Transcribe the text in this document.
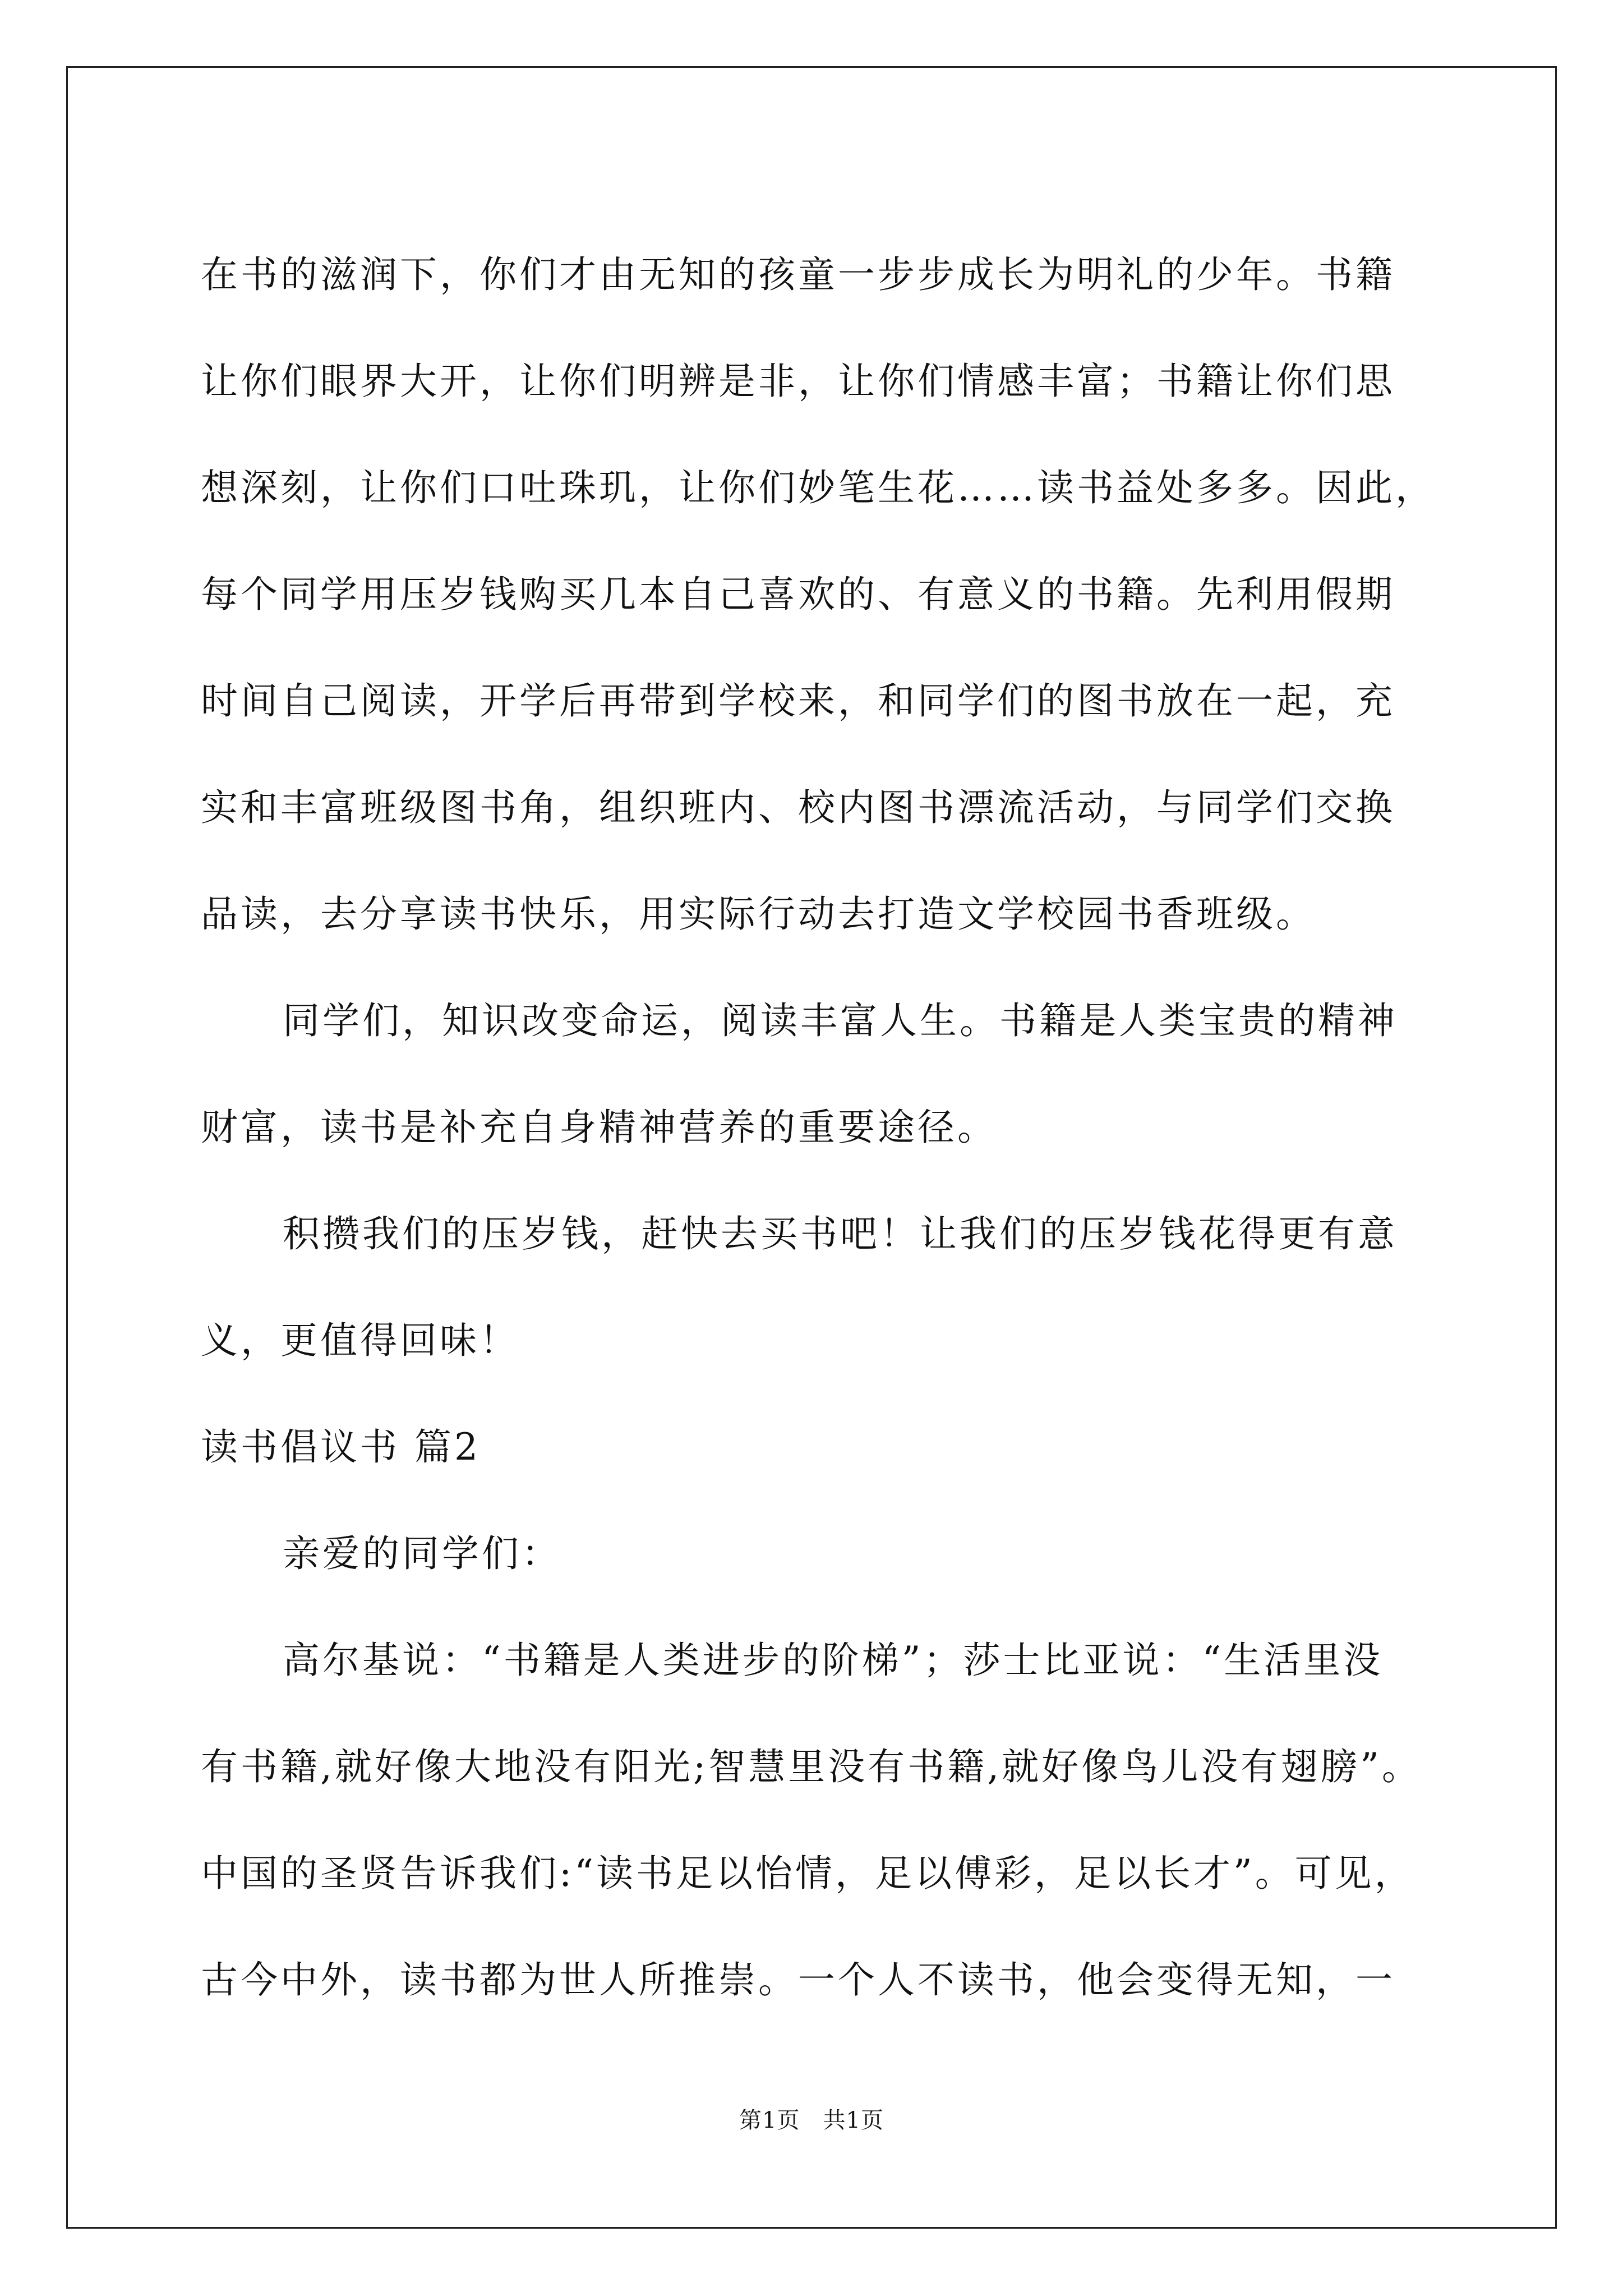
在书的滋润下，你们才由无知的孩童一步步成长为明礼的少年。书籍
让你们眼界大开，让你们明辨是非，让你们情感丰富；书籍让你们思
想深刻，让你们口吐珠玑，让你们妙笔生花……读书益处多多。因此，
每个同学用压岁钱购买几本自己喜欢的、有意义的书籍。先利用假期
时间自己阅读，开学后再带到学校来，和同学们的图书放在一起，充
实和丰富班级图书角，组织班内、校内图书漂流活动，与同学们交换
品读，去分享读书快乐，用实际行动去打造文学校园书香班级。
同学们，知识改变命运，阅读丰富人生。书籍是人类宝贵的精神
财富，读书是补充自身精神营养的重要途径。
积攒我们的压岁钱，赶快去买书吧！让我们的压岁钱花得更有意
义，更值得回味！
读书倡议书 篇2
亲爱的同学们：
高尔基说：“书籍是人类进步的阶梯”；莎士比亚说：“生活里没
有书籍,就好像大地没有阳光;智慧里没有书籍,就好像鸟儿没有翅膀”。
中国的圣贤告诉我们:“读书足以怡情，足以傅彩，足以长才”。可见，
古今中外，读书都为世人所推崇。一个人不读书，他会变得无知，一
第1页　共1页
